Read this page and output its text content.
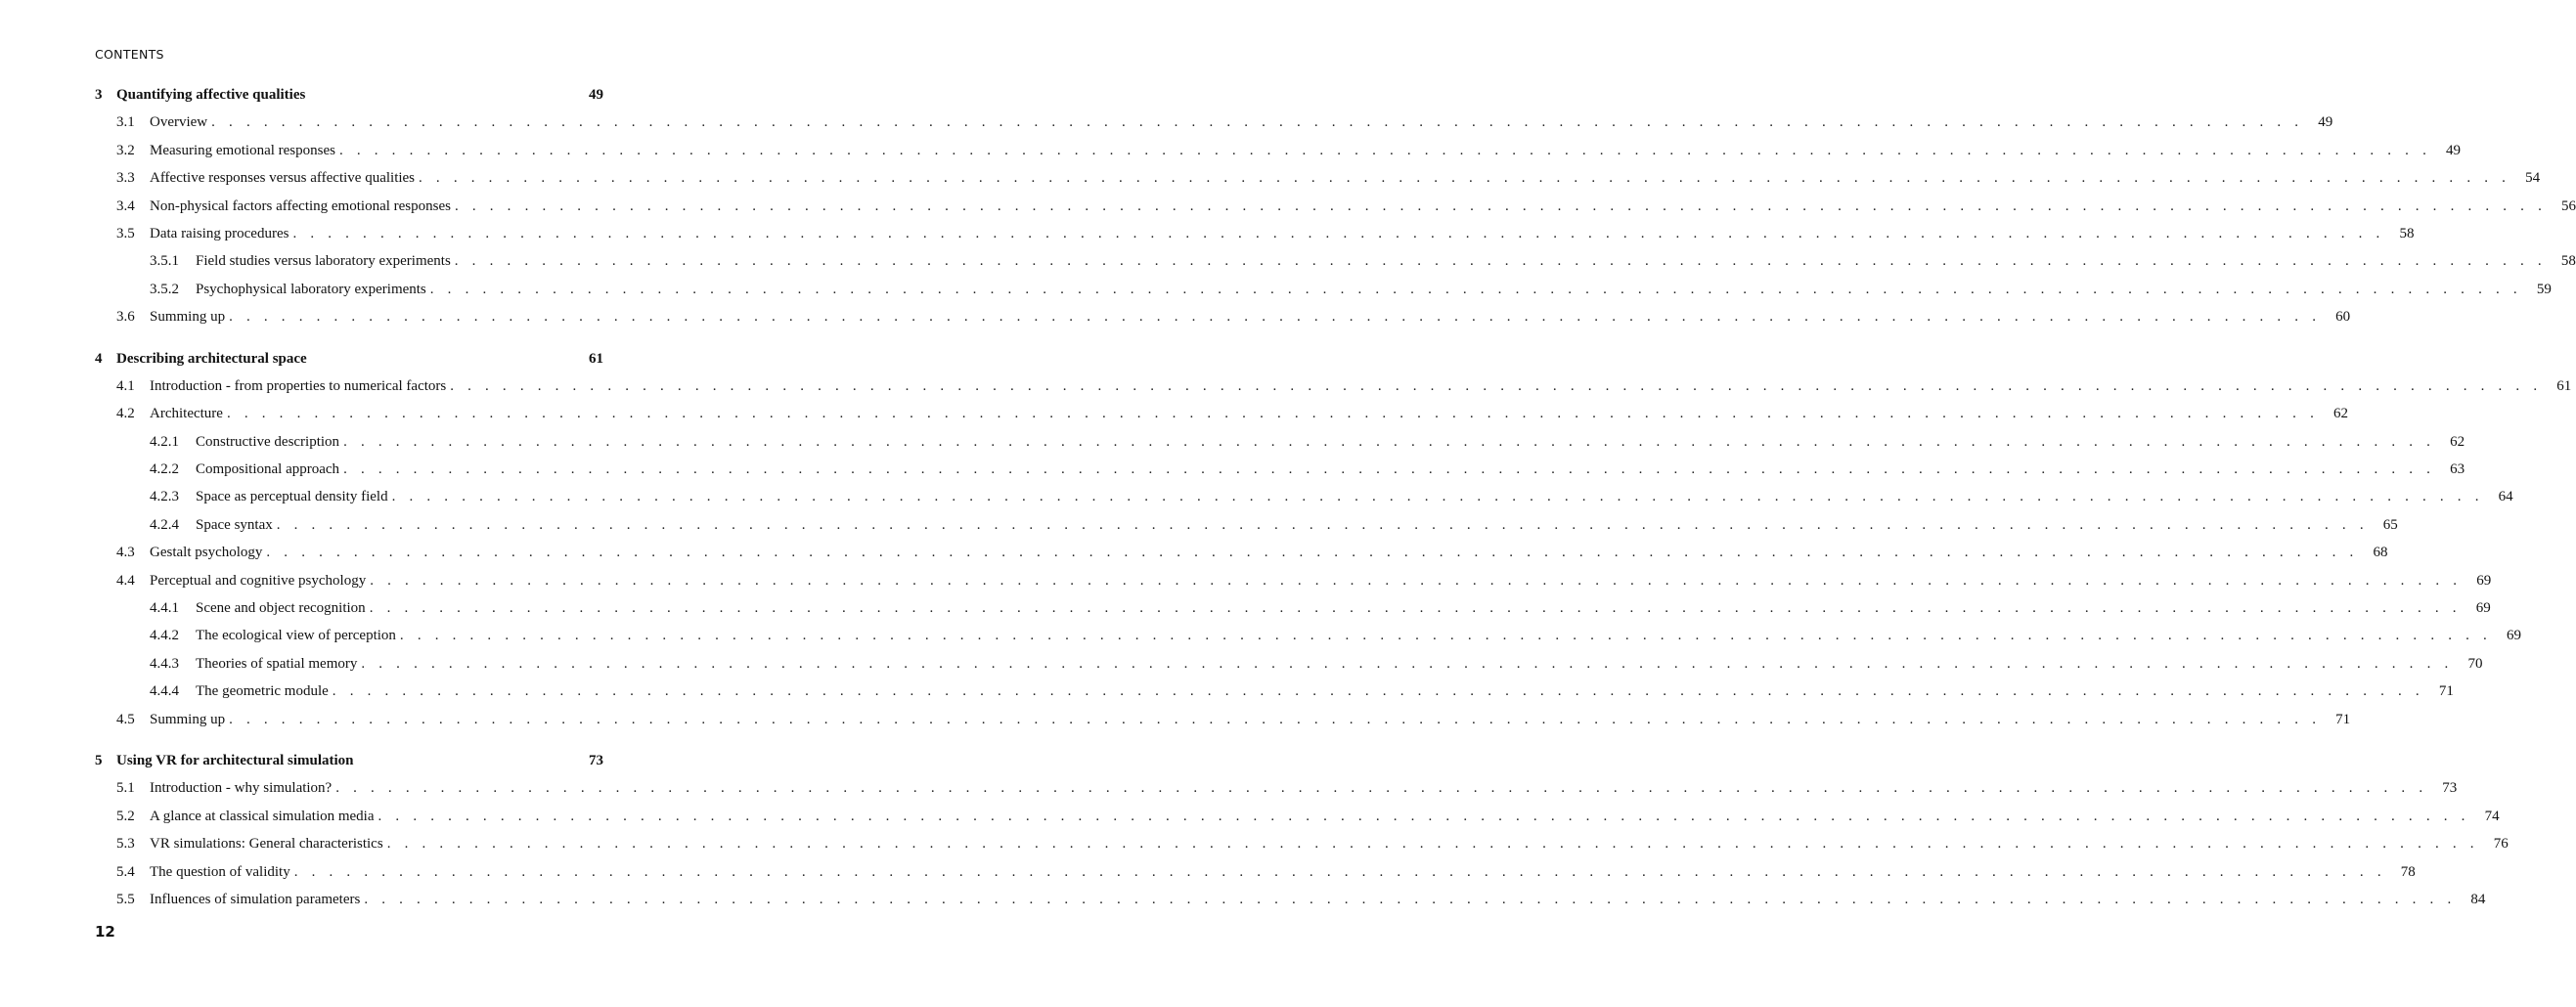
CONTENTS
3 Quantifying affective qualities	49
3.1	Overview . . . . . . . . . . . . . . . . . . . . . . . . . . . . . . . . . . . . . . . . . . . . . . . . . . . . . . . . . . . . . . . . . . . . . . . . . . . . . . . . . . . . . . . . . . . . . . . . . . . . . . . . . . . . . . . . . . . . . . . .	49
3.2	Measuring emotional responses . . . . . . . . . . . . . . . . . . . . . . . . . . . . . . . . . . . . . . . . . . . . . . . . . . . . . . . . . . . . . . . . . . . . . . . . . . . . . . . . . . . . . . . . . . . . . . . . . . . . . . . . . . . . . . . . . . . . . . . .	49
3.3	Affective responses versus affective qualities . . . . . . . . . . . . . . . . . . . . . . . . . . . . . . . . . . . . . . . . . . . . . . . . . . . . . . . . . . . . . . . . . . . . . . . . . . . . . . . . . . . . . . . . . . . . . . . . . . . . . . . . . . . . . . . . . . . . . . . .	54
3.4	Non-physical factors affecting emotional responses . . . . . . . . . . . . . . . . . . . . . . . . . . . . . . . . . . . . . . . . . . . . . . . . . . . . . . . . . . . . . . . . . . . . . . . . . . . . . . . . . . . . . . . . . . . . . . . . . . . . . . . . . . . . . . . . . . . . . . . .	56
3.5	Data raising procedures . . . . . . . . . . . . . . . . . . . . . . . . . . . . . . . . . . . . . . . . . . . . . . . . . . . . . . . . . . . . . . . . . . . . . . . . . . . . . . . . . . . . . . . . . . . . . . . . . . . . . . . . . . . . . . . . . . . . . . . .	58
3.5.1	Field studies versus laboratory experiments . . . . . . . . . . . . . . . . . . . . . . . . . . . . . . . . . . . . . . . . . . . . . . . . . . . . . . . . . . . . . . . . . . . . . . . . . . . . . . . . . . . . . . . . . . . . . . . . . . . . . . . . . . . . . . . . . . . . . . . .	58
3.5.2	Psychophysical laboratory experiments . . . . . . . . . . . . . . . . . . . . . . . . . . . . . . . . . . . . . . . . . . . . . . . . . . . . . . . . . . . . . . . . . . . . . . . . . . . . . . . . . . . . . . . . . . . . . . . . . . . . . . . . . . . . . . . . . . . . . . . .	59
3.6	Summing up . . . . . . . . . . . . . . . . . . . . . . . . . . . . . . . . . . . . . . . . . . . . . . . . . . . . . . . . . . . . . . . . . . . . . . . . . . . . . . . . . . . . . . . . . . . . . . . . . . . . . . . . . . . . . . . . . . . . . . . .	60
4 Describing architectural space	61
4.1	Introduction - from properties to numerical factors . . . . . . . . . . . . . . . . . . . . . . . . . . . . . . . . . . . . . . . . . . . . . . . . . . . . . . . . . . . . . . . . . . . . . . . . . . . . . . . . . . . . . . . . . . . . . . . . . . . . . . . . . . . . . . . . . . . . . . . .	61
4.2	Architecture . . . . . . . . . . . . . . . . . . . . . . . . . . . . . . . . . . . . . . . . . . . . . . . . . . . . . . . . . . . . . . . . . . . . . . . . . . . . . . . . . . . . . . . . . . . . . . . . . . . . . . . . . . . . . . . . . . . . . . . .	62
4.2.1	Constructive description . . . . . . . . . . . . . . . . . . . . . . . . . . . . . . . . . . . . . . . . . . . . . . . . . . . . . . . . . . . . . . . . . . . . . . . . . . . . . . . . . . . . . . . . . . . . . . . . . . . . . . . . . . . . . . . . . . . . . . . .	62
4.2.2	Compositional approach . . . . . . . . . . . . . . . . . . . . . . . . . . . . . . . . . . . . . . . . . . . . . . . . . . . . . . . . . . . . . . . . . . . . . . . . . . . . . . . . . . . . . . . . . . . . . . . . . . . . . . . . . . . . . . . . . . . . . . . .	63
4.2.3	Space as perceptual density field . . . . . . . . . . . . . . . . . . . . . . . . . . . . . . . . . . . . . . . . . . . . . . . . . . . . . . . . . . . . . . . . . . . . . . . . . . . . . . . . . . . . . . . . . . . . . . . . . . . . . . . . . . . . . . . . . . . . . . . .	64
4.2.4	Space syntax . . . . . . . . . . . . . . . . . . . . . . . . . . . . . . . . . . . . . . . . . . . . . . . . . . . . . . . . . . . . . . . . . . . . . . . . . . . . . . . . . . . . . . . . . . . . . . . . . . . . . . . . . . . . . . . . . . . . . . . .	65
4.3	Gestalt psychology . . . . . . . . . . . . . . . . . . . . . . . . . . . . . . . . . . . . . . . . . . . . . . . . . . . . . . . . . . . . . . . . . . . . . . . . . . . . . . . . . . . . . . . . . . . . . . . . . . . . . . . . . . . . . . . . . . . . . . . .	68
4.4	Perceptual and cognitive psychology . . . . . . . . . . . . . . . . . . . . . . . . . . . . . . . . . . . . . . . . . . . . . . . . . . . . . . . . . . . . . . . . . . . . . . . . . . . . . . . . . . . . . . . . . . . . . . . . . . . . . . . . . . . . . . . . . . . . . . . .	69
4.4.1	Scene and object recognition . . . . . . . . . . . . . . . . . . . . . . . . . . . . . . . . . . . . . . . . . . . . . . . . . . . . . . . . . . . . . . . . . . . . . . . . . . . . . . . . . . . . . . . . . . . . . . . . . . . . . . . . . . . . . . . . . . . . . . . .	69
4.4.2	The ecological view of perception . . . . . . . . . . . . . . . . . . . . . . . . . . . . . . . . . . . . . . . . . . . . . . . . . . . . . . . . . . . . . . . . . . . . . . . . . . . . . . . . . . . . . . . . . . . . . . . . . . . . . . . . . . . . . . . . . . . . . . . .	69
4.4.3	Theories of spatial memory . . . . . . . . . . . . . . . . . . . . . . . . . . . . . . . . . . . . . . . . . . . . . . . . . . . . . . . . . . . . . . . . . . . . . . . . . . . . . . . . . . . . . . . . . . . . . . . . . . . . . . . . . . . . . . . . . . . . . . . .	70
4.4.4	The geometric module . . . . . . . . . . . . . . . . . . . . . . . . . . . . . . . . . . . . . . . . . . . . . . . . . . . . . . . . . . . . . . . . . . . . . . . . . . . . . . . . . . . . . . . . . . . . . . . . . . . . . . . . . . . . . . . . . . . . . . . .	71
4.5	Summing up . . . . . . . . . . . . . . . . . . . . . . . . . . . . . . . . . . . . . . . . . . . . . . . . . . . . . . . . . . . . . . . . . . . . . . . . . . . . . . . . . . . . . . . . . . . . . . . . . . . . . . . . . . . . . . . . . . . . . . . .	71
5 Using VR for architectural simulation	73
5.1	Introduction - why simulation? . . . . . . . . . . . . . . . . . . . . . . . . . . . . . . . . . . . . . . . . . . . . . . . . . . . . . . . . . . . . . . . . . . . . . . . . . . . . . . . . . . . . . . . . . . . . . . . . . . . . . . . . . . . . . . . . . . . . . . . .	73
5.2	A glance at classical simulation media . . . . . . . . . . . . . . . . . . . . . . . . . . . . . . . . . . . . . . . . . . . . . . . . . . . . . . . . . . . . . . . . . . . . . . . . . . . . . . . . . . . . . . . . . . . . . . . . . . . . . . . . . . . . . . . . . . . . . . . .	74
5.3	VR simulations: General characteristics . . . . . . . . . . . . . . . . . . . . . . . . . . . . . . . . . . . . . . . . . . . . . . . . . . . . . . . . . . . . . . . . . . . . . . . . . . . . . . . . . . . . . . . . . . . . . . . . . . . . . . . . . . . . . . . . . . . . . . . .	76
5.4	The question of validity . . . . . . . . . . . . . . . . . . . . . . . . . . . . . . . . . . . . . . . . . . . . . . . . . . . . . . . . . . . . . . . . . . . . . . . . . . . . . . . . . . . . . . . . . . . . . . . . . . . . . . . . . . . . . . . . . . . . . . . .	78
5.5	Influences of simulation parameters . . . . . . . . . . . . . . . . . . . . . . . . . . . . . . . . . . . . . . . . . . . . . . . . . . . . . . . . . . . . . . . . . . . . . . . . . . . . . . . . . . . . . . . . . . . . . . . . . . . . . . . . . . . . . . . . . . . . . . . .	84
12
